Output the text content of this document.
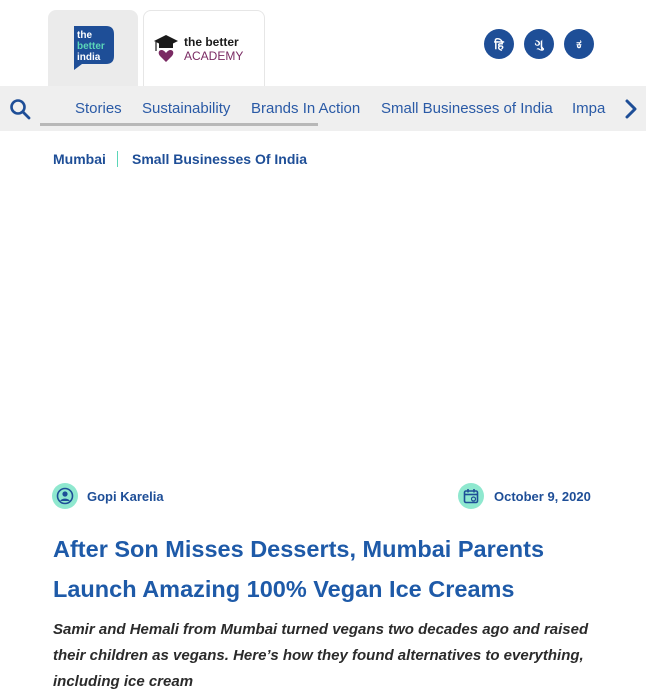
the
better
india
the better
ACADEMY
हि	ગુ	ಕ
Stories Sustainability Brands In Action Small Businesses of India Impa
Mumbai Small Businesses Of India
Gopi Karelia	October 9, 2020
After Son Misses Desserts, Mumbai Parents Launch Amazing 100% Vegan Ice Creams

Samir and Hemali from Mumbai turned vegans two decades ago and raised their children as vegans. Here’s how they found alternatives to everything, including ice cream
